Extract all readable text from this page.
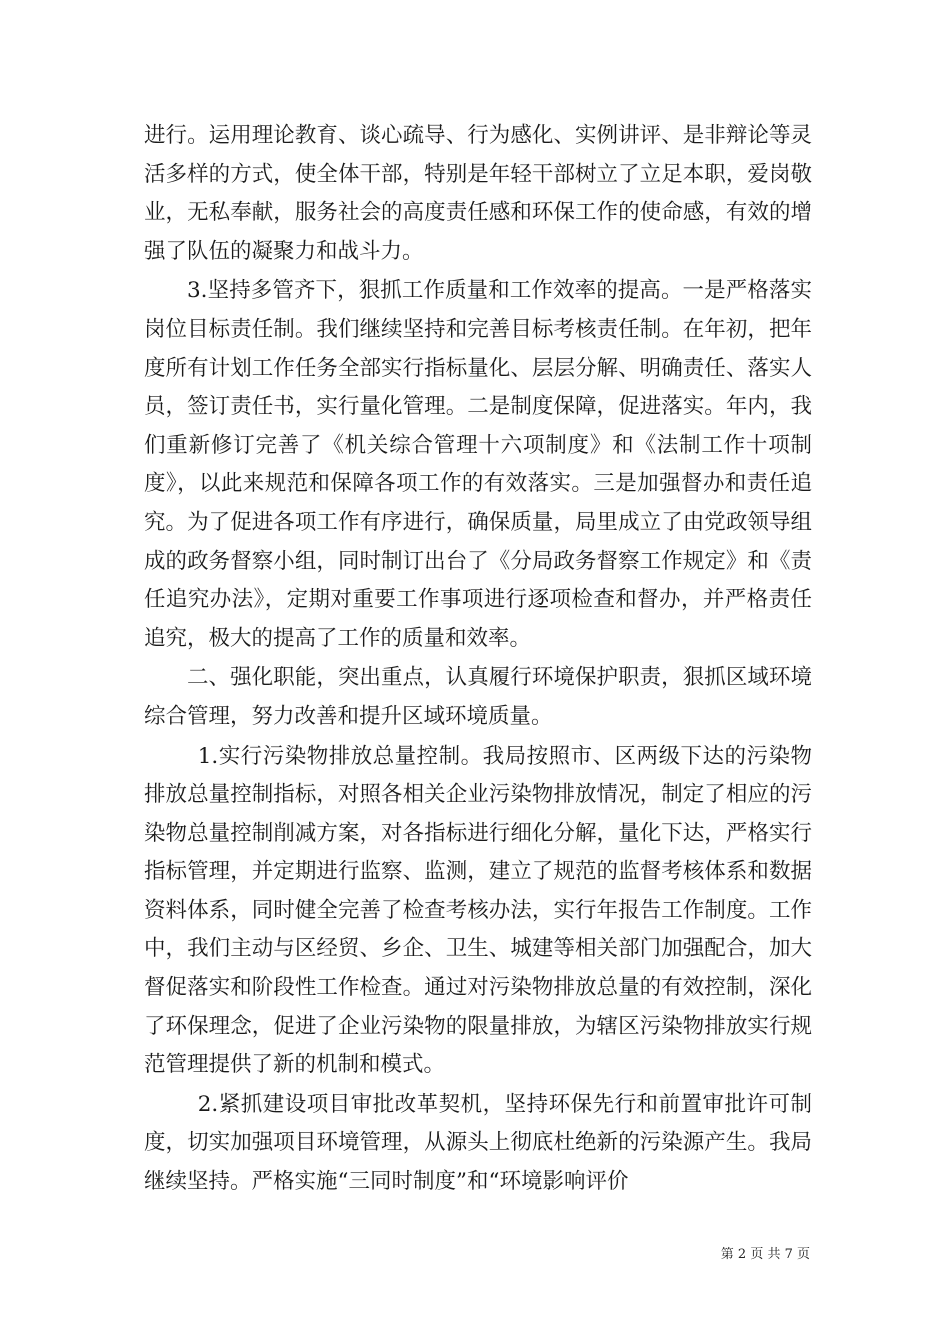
进行。运用理论教育、谈心疏导、行为感化、实例讲评、是非辩论等灵活多样的方式，使全体干部，特别是年轻干部树立了立足本职，爱岗敬业，无私奉献，服务社会的高度责任感和环保工作的使命感，有效的增强了队伍的凝聚力和战斗力。

3.坚持多管齐下，狠抓工作质量和工作效率的提高。一是严格落实岗位目标责任制。我们继续坚持和完善目标考核责任制。在年初，把年度所有计划工作任务全部实行指标量化、层层分解、明确责任、落实人员，签订责任书，实行量化管理。二是制度保障，促进落实。年内，我们重新修订完善了《机关综合管理十六项制度》和《法制工作十项制度》，以此来规范和保障各项工作的有效落实。三是加强督办和责任追究。为了促进各项工作有序进行，确保质量，局里成立了由党政领导组成的政务督察小组，同时制订出台了《分局政务督察工作规定》和《责任追究办法》，定期对重要工作事项进行逐项检查和督办，并严格责任追究，极大的提高了工作的质量和效率。

二、强化职能，突出重点，认真履行环境保护职责，狠抓区域环境综合管理，努力改善和提升区域环境质量。

1.实行污染物排放总量控制。我局按照市、区两级下达的污染物排放总量控制指标，对照各相关企业污染物排放情况，制定了相应的污染物总量控制削减方案，对各指标进行细化分解，量化下达，严格实行指标管理，并定期进行监察、监测，建立了规范的监督考核体系和数据资料体系，同时健全完善了检查考核办法，实行年报告工作制度。工作中，我们主动与区经贸、乡企、卫生、城建等相关部门加强配合，加大督促落实和阶段性工作检查。通过对污染物排放总量的有效控制，深化了环保理念，促进了企业污染物的限量排放，为辖区污染物排放实行规范管理提供了新的机制和模式。

2.紧抓建设项目审批改革契机，坚持环保先行和前置审批许可制度，切实加强项目环境管理，从源头上彻底杜绝新的污染源产生。我局继续坚持。严格实施“三同时制度”和“环境影响评价

第 2 页 共 7 页
